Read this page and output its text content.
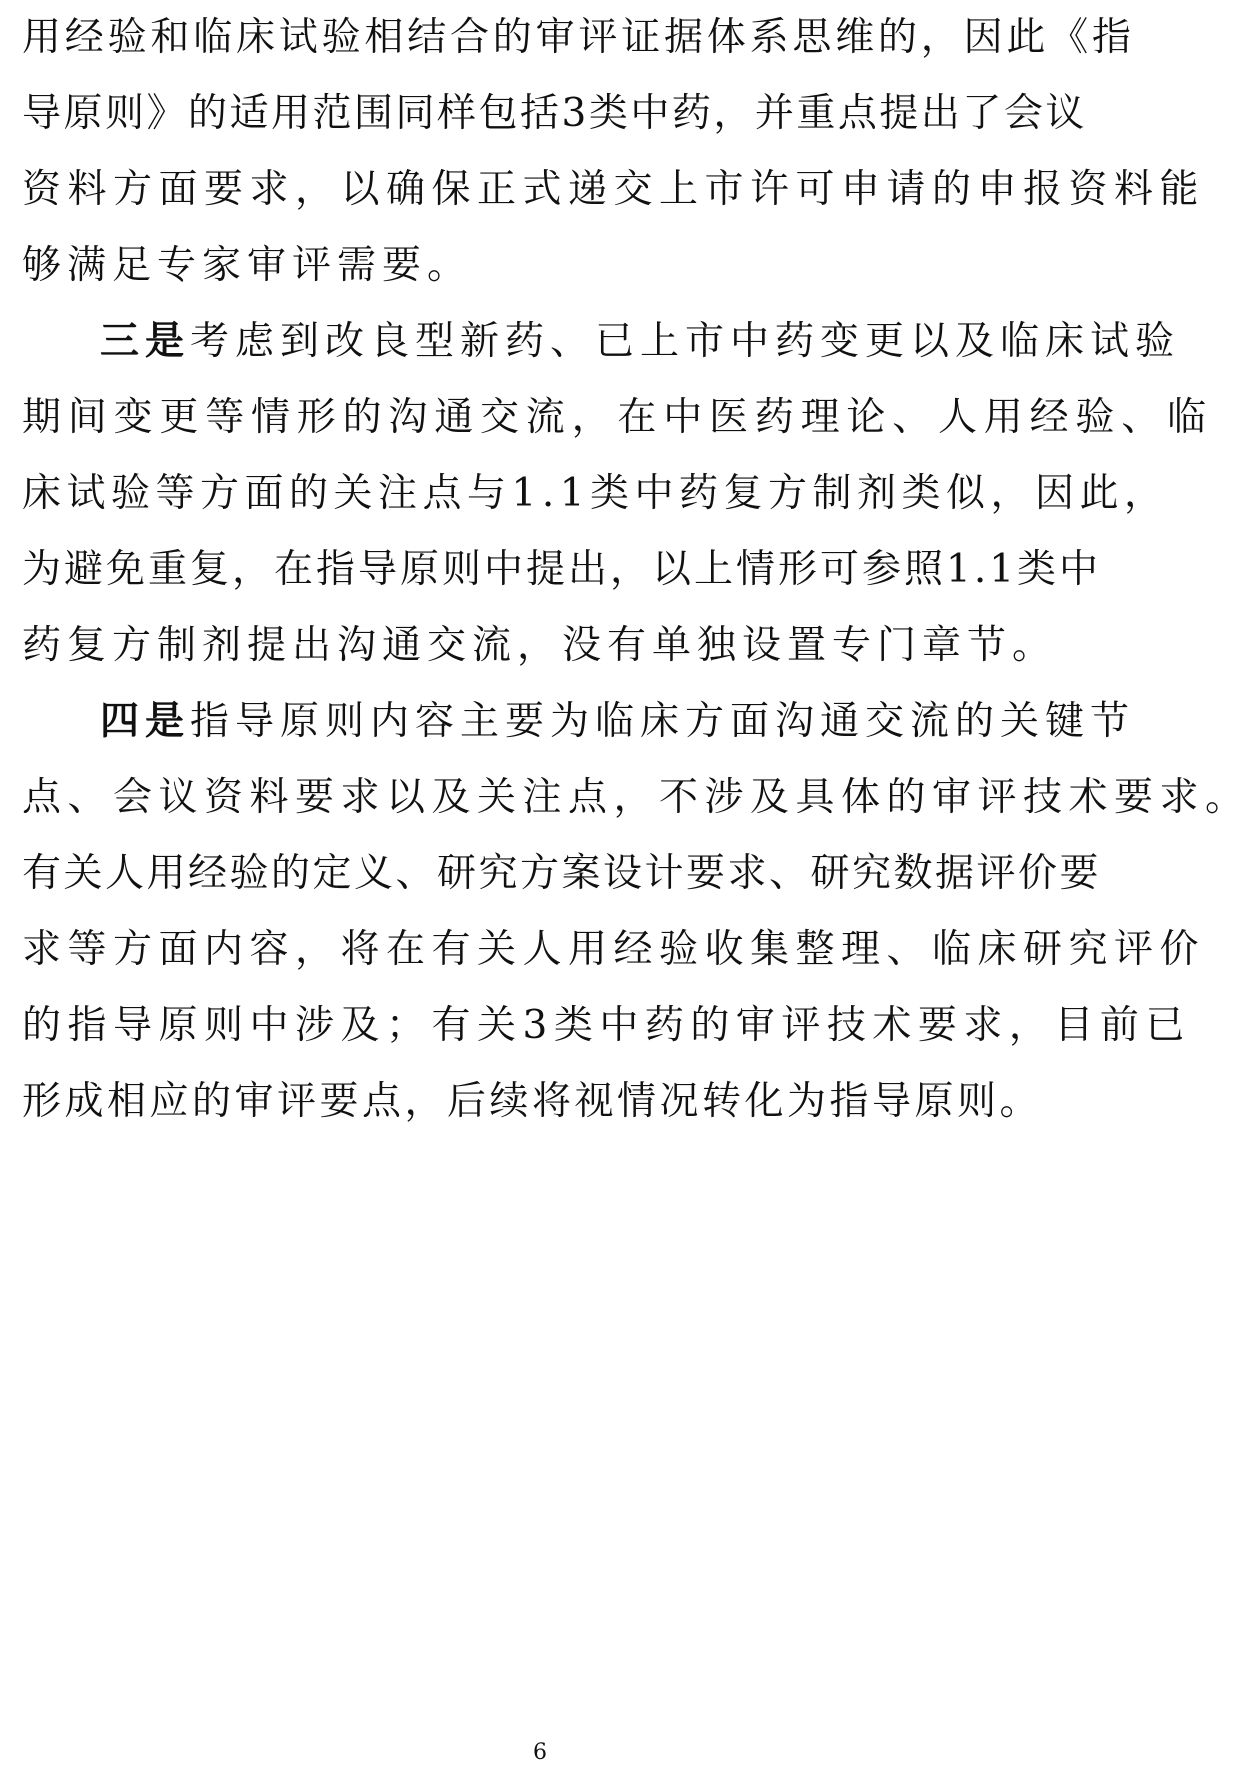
用经验和临床试验相结合的审评证据体系思维的，因此《指
导原则》的适用范围同样包括3类中药，并重点提出了会议
资料方面要求，以确保正式递交上市许可申请的申报资料能
够满足专家审评需要。
三是考虑到改良型新药、已上市中药变更以及临床试验
期间变更等情形的沟通交流，在中医药理论、人用经验、临
床试验等方面的关注点与1.1类中药复方制剂类似，因此，
为避免重复，在指导原则中提出，以上情形可参照1.1类中
药复方制剂提出沟通交流，没有单独设置专门章节。
四是指导原则内容主要为临床方面沟通交流的关键节
点、会议资料要求以及关注点，不涉及具体的审评技术要求。
有关人用经验的定义、研究方案设计要求、研究数据评价要
求等方面内容，将在有关人用经验收集整理、临床研究评价
的指导原则中涉及；有关3类中药的审评技术要求，目前已
形成相应的审评要点，后续将视情况转化为指导原则。
6
